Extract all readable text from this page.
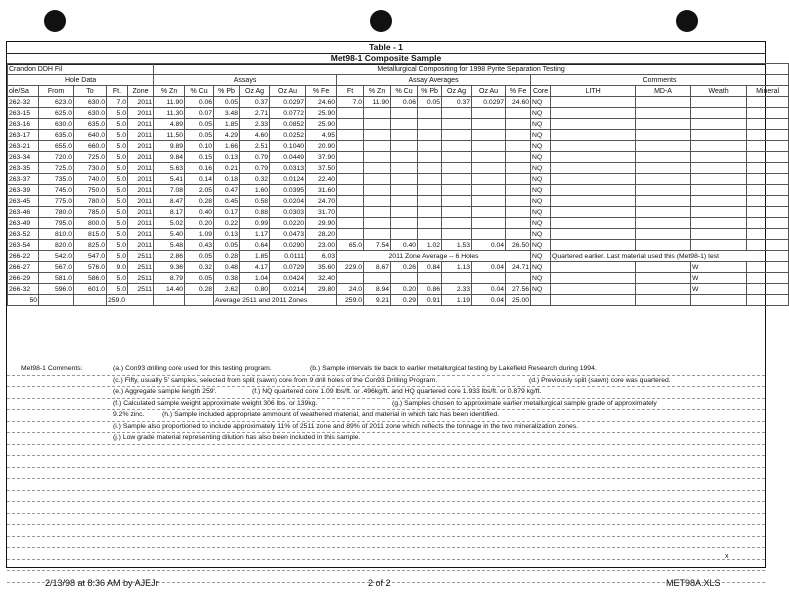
Table - 1
Met98-1 Composite Sample
Crandon DDH Fil					Metallurgical Compositing for 1998 Pyrite Separation Testing																	
Hole Data					Assays						Assay Averages							Comments				
ole/Sa	From	To	Ft.	Zone	% Zn	% Cu	% Pb	Oz Ag	Oz Au	% Fe	Ft	% Zn	% Cu	% Pb	Oz Ag	Oz Au	% Fe	Core	LITH	MD-A	Weath	Mineral
262-32	623.0	630.0	7.0	2011	11.90	0.06	0.05	0.37	0.0297	24.60	7.0	11.90	0.06	0.05	0.37	0.0297	24.60	NQ				
263-15	625.0	630.0	5.0	2011	11.30	0.07	3.48	2.71	0.0772	25.90								NQ				
263-16	630.0	635.0	5.0	2011	4.89	0.05	1.85	2.33	0.0852	25.90								NQ				
263-17	635.0	640.0	5.0	2011	11.50	0.05	4.29	4.60	0.0252	4.95								NQ				
263-21	655.0	660.0	5.0	2011	9.89	0.10	1.66	2.51	0.1040	20.90								NQ				
263-34	720.0	725.0	5.0	2011	9.84	0.15	0.13	0.79	0.0449	37.90								NQ				
263-35	725.0	730.0	5.0	2011	5.63	0.16	0.21	0.79	0.0313	37.50								NQ				
263-37	735.0	740.0	5.0	2011	5.41	0.14	0.18	0.32	0.0124	22.40								NQ				
263-39	745.0	750.0	5.0	2011	7.08	2.05	0.47	1.60	0.0395	31.60								NQ				
263-45	775.0	780.0	5.0	2011	8.47	0.28	0.45	0.58	0.0204	24.70								NQ				
263-46	780.0	785.0	5.0	2011	8.17	0.40	0.17	0.88	0.0303	31.70								NQ				
263-49	795.0	800.0	5.0	2011	5.02	0.20	0.22	0.99	0.0220	29.90								NQ				
263-52	810.0	815.0	5.0	2011	5.40	1.09	0.13	1.17	0.0473	28.20								NQ				
263-54	820.0	825.0	5.0	2011	5.48	0.43	0.05	0.64	0.0290	23.00	65.0	7.54	0.40	1.02	1.53	0.04	26.50	NQ				
266-22	542.0	547.0	5.0	2511	2.86	0.05	0.28	1.85	0.0111	6.03	2011 Zone Average -- 6 Holes							NQ	Quartered earlier. Last material used this (Met98-1) test			
266-27	567.0	576.0	9.0	2511	9.36	0.32	0.48	4.17	0.0729	35.60	229.0	8.67	0.26	0.84	1.13	0.04	24.71	NQ			W	
266-29	581.0	586.0	5.0	2511	8.79	0.05	0.38	1.04	0.0424	32.40								NQ			W	
266-32	596.0	601.0	5.0	2511	14.40	0.28	2.62	0.80	0.0214	29.80	24.0	8.94	0.20	0.86	2.33	0.04	27.56	NQ			W	
50			259.0				Average 2511 and 2011 Zones				259.0	9.21	0.29	0.91	1.19	0.04	25.00					
Met98-1 Comments:	(a.) Con93 drilling core used for this testing program.	(b.) Sample intervals tie back to earlier metallurgical testing by Lakefield Research during 1994.
(c.) Fifty, usually 5' samples, selected from split (sawn) core from 9 drill holes of the Con93 Drilling Program.	(d.) Previously split (sawn) core was quartered.
(e.) Aggregate sample length 259'.	(f.) NQ quartered core 1.09 lbs/ft. or .496kg/ft. and HQ quartered core 1.933 lbs/ft. or 0.879 kg/ft.
(f.) Calculated sample weight approximate weight 306 lbs. or 139kg.	(g.) Samples chosen to approximate earlier metallurgical sample grade of approximately
9.2% zinc.	(h.) Sample included appropriate ammount of weathered material, and material in which talc has been identified.
(i.) Sample also proportioned to include approximately 11% of 2511 zone and 89% of 2011 zone which reflects the tonnage in the two mineralization zones.
(j.) Low grade material representing dilution has also been included in this sample.
x
2/13/98 at 8:36 AM by AJEJr	2 of 2	MET98A.XLS
